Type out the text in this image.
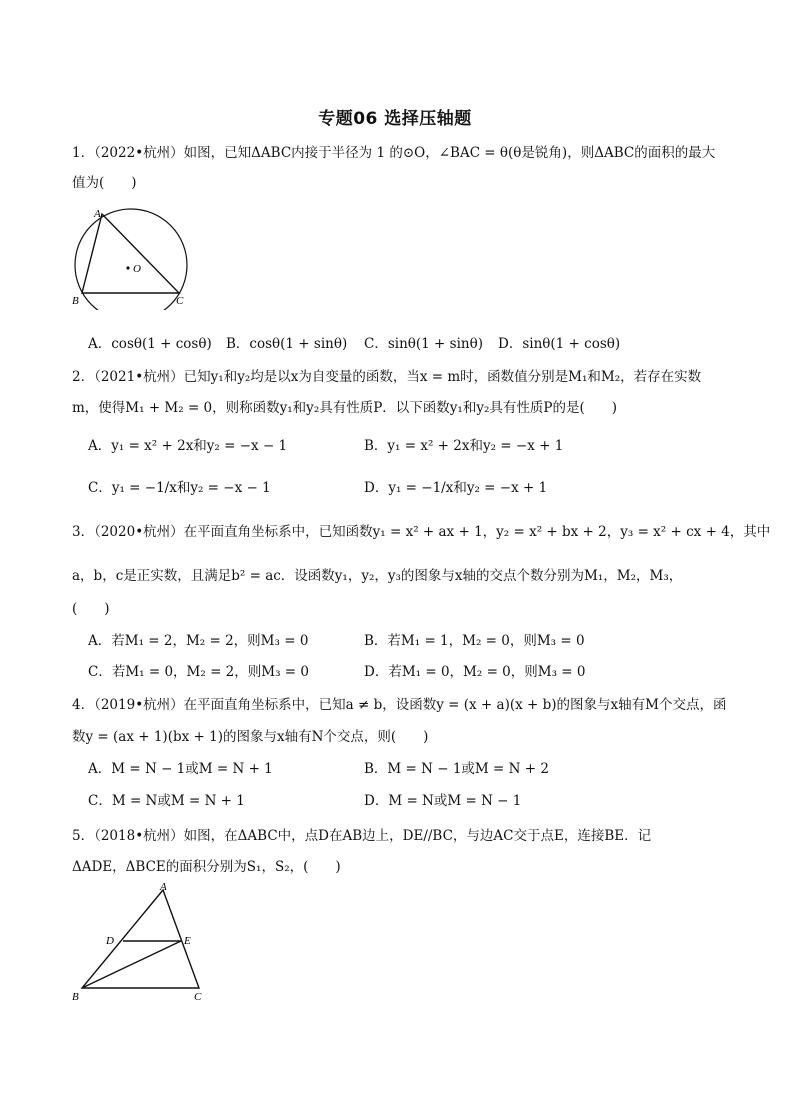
专题06 选择压轴题
1．（2022•杭州）如图，已知ΔABC内接于半径为 1 的⊙O，∠BAC = θ(θ是锐角)，则ΔABC的面积的最大
值为(　　)
A
O
B	C
A．cosθ(1 + cosθ) B．cosθ(1 + sinθ) C．sinθ(1 + sinθ) D．sinθ(1 + cosθ)
2．（2021•杭州）已知y₁和y₂均是以x为自变量的函数，当x = m时，函数值分别是M₁和M₂，若存在实数
m，使得M₁ + M₂ = 0，则称函数y₁和y₂具有性质P．以下函数y₁和y₂具有性质P的是(　　)
A．y₁ = x² + 2x和y₂ = −x − 1	B．y₁ = x² + 2x和y₂ = −x + 1
C．y₁ = −1/x和y₂ = −x − 1	D．y₁ = −1/x和y₂ = −x + 1
3．（2020•杭州）在平面直角坐标系中，已知函数y₁ = x² + ax + 1，y₂ = x² + bx + 2，y₃ = x² + cx + 4，其中
a，b，c是正实数，且满足b² = ac．设函数y₁，y₂，y₃的图象与x轴的交点个数分别为M₁，M₂，M₃，
(　　)
A．若M₁ = 2，M₂ = 2，则M₃ = 0	B．若M₁ = 1，M₂ = 0，则M₃ = 0
C．若M₁ = 0，M₂ = 2，则M₃ = 0	D．若M₁ = 0，M₂ = 0，则M₃ = 0
4．（2019•杭州）在平面直角坐标系中，已知a ≠ b，设函数y = (x + a)(x + b)的图象与x轴有M个交点，函
数y = (ax + 1)(bx + 1)的图象与x轴有N个交点，则(　　)
A．M = N − 1或M = N + 1	B．M = N − 1或M = N + 2
C．M = N或M = N + 1	D．M = N或M = N − 1
5．（2018•杭州）如图，在ΔABC中，点D在AB边上，DE//BC，与边AC交于点E，连接BE．记
ΔADE，ΔBCE的面积分别为S₁，S₂，(　　)
A
D	E
B	C
